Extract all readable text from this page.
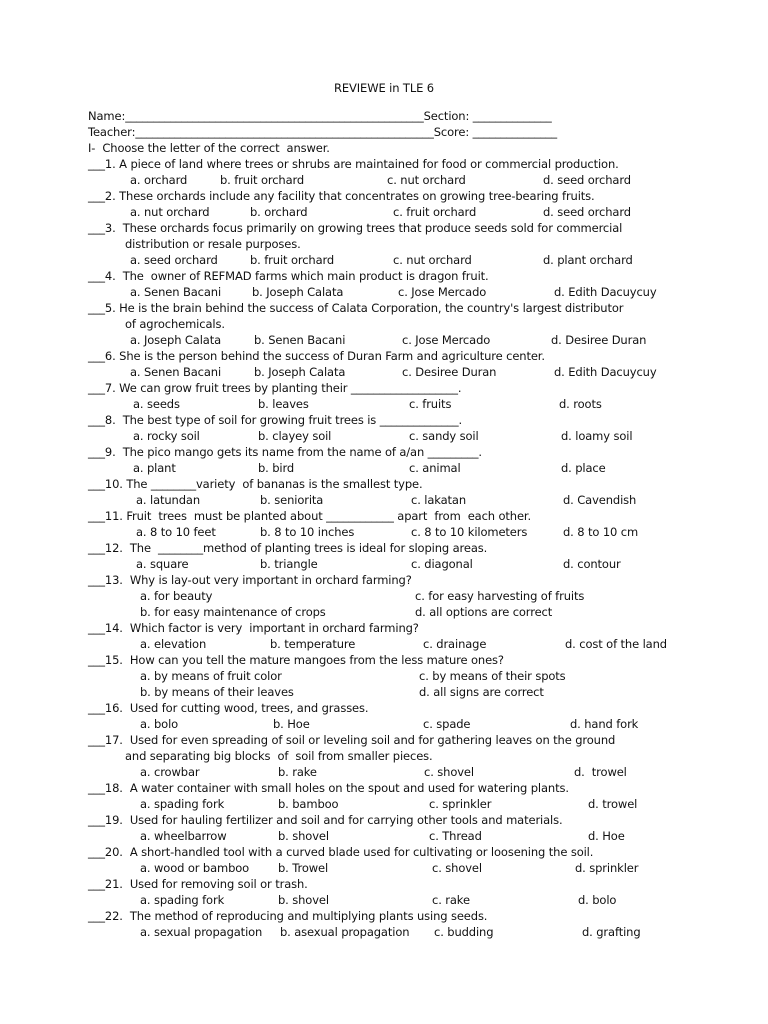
REVIEWE in TLE 6
Name:_____________________________________________________Section: ______________
Teacher:_____________________________________________________Score: _______________
I-  Choose the letter of the correct  answer.
___1. A piece of land where trees or shrubs are maintained for food or commercial production.
a. orchard	b. fruit orchard	c. nut orchard	d. seed orchard
___2. These orchards include any facility that concentrates on growing tree-bearing fruits.
a. nut orchard	b. orchard	c. fruit orchard	d. seed orchard
___3.  These orchards focus primarily on growing trees that produce seeds sold for commercial
distribution or resale purposes.
a. seed orchard	b. fruit orchard	c. nut orchard	d. plant orchard
___4.  The  owner of REFMAD farms which main product is dragon fruit.
a. Senen Bacani	b. Joseph Calata	c. Jose Mercado	d. Edith Dacuycuy
___5. He is the brain behind the success of Calata Corporation, the country's largest distributor
of agrochemicals.
a. Joseph Calata	b. Senen Bacani	c. Jose Mercado	d. Desiree Duran
___6. She is the person behind the success of Duran Farm and agriculture center.
a. Senen Bacani	b. Joseph Calata	c. Desiree Duran	d. Edith Dacuycuy
___7. We can grow fruit trees by planting their ___________________.
a. seeds	b. leaves	c. fruits	d. roots
___8.  The best type of soil for growing fruit trees is ______________.
a. rocky soil	b. clayey soil	c. sandy soil	d. loamy soil
___9.  The pico mango gets its name from the name of a/an _________.
a. plant	b. bird	c. animal	d. place
___10. The ________variety  of bananas is the smallest type.
a. latundan	b. seniorita	c. lakatan	d. Cavendish
___11. Fruit  trees  must be planted about ____________ apart  from  each other.
a. 8 to 10 feet	b. 8 to 10 inches	c. 8 to 10 kilometers	d. 8 to 10 cm
___12.  The  ________method of planting trees is ideal for sloping areas.
a. square	b. triangle	c. diagonal	d. contour
___13.  Why is lay-out very important in orchard farming?
a. for beauty	c. for easy harvesting of fruits
b. for easy maintenance of crops	d. all options are correct
___14.  Which factor is very  important in orchard farming?
a. elevation	b. temperature	c. drainage	d. cost of the land
___15.  How can you tell the mature mangoes from the less mature ones?
a. by means of fruit color	c. by means of their spots
b. by means of their leaves	d. all signs are correct
___16.  Used for cutting wood, trees, and grasses.
a. bolo	b. Hoe	c. spade	d. hand fork
___17.  Used for even spreading of soil or leveling soil and for gathering leaves on the ground
and separating big blocks  of  soil from smaller pieces.
a. crowbar	b. rake	c. shovel	d.  trowel
___18.  A water container with small holes on the spout and used for watering plants.
a. spading fork	b. bamboo	c. sprinkler	d. trowel
___19.  Used for hauling fertilizer and soil and for carrying other tools and materials.
a. wheelbarrow	b. shovel	c. Thread	d. Hoe
___20.  A short-handled tool with a curved blade used for cultivating or loosening the soil.
a. wood or bamboo	b. Trowel	c. shovel	d. sprinkler
___21.  Used for removing soil or trash.
a. spading fork	b. shovel	c. rake	d. bolo
___22.  The method of reproducing and multiplying plants using seeds.
a. sexual propagation b. asexual propagation c. budding	d. grafting
